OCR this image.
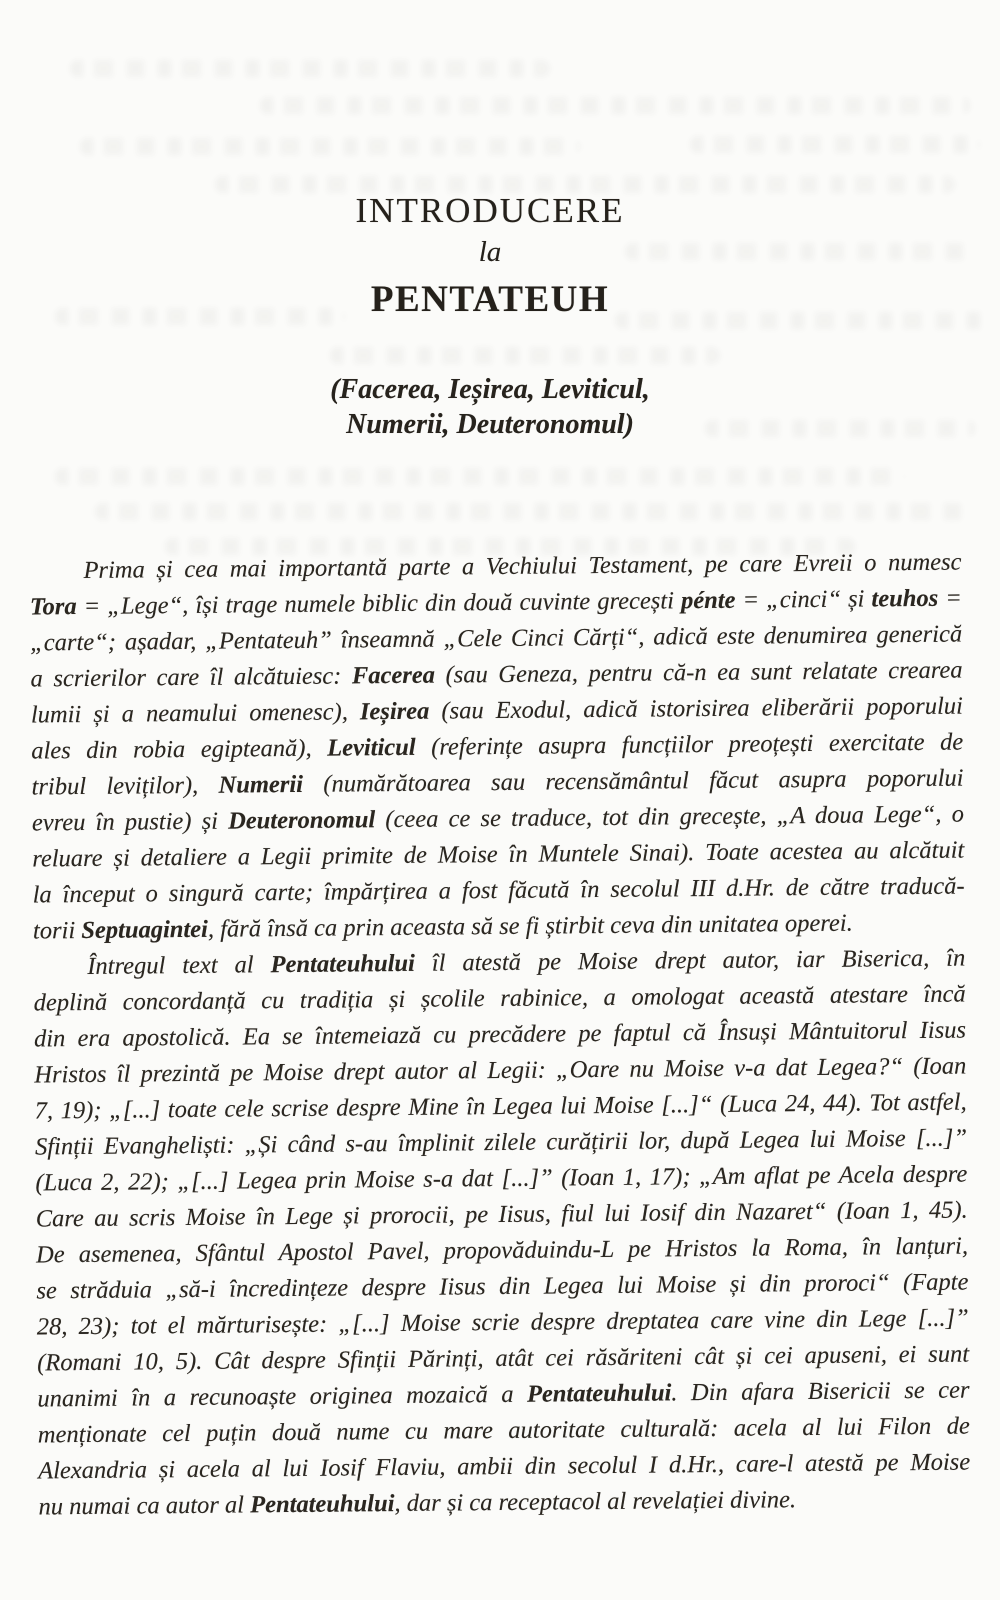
INTRODUCERE
la
PENTATEUH
(Facerea, Ieșirea, Leviticul,
Numerii, Deuteronomul)
Prima și cea mai importantă parte a Vechiului Testament, pe care Evreii o numesc
Tora = „Lege“, își trage numele biblic din două cuvinte grecești pénte = „cinci“ și teuhos =
„carte“; așadar, „Pentateuh” înseamnă „Cele Cinci Cărți“, adică este denumirea generică
a scrierilor care îl alcătuiesc: Facerea (sau Geneza, pentru că-n ea sunt relatate crearea
lumii și a neamului omenesc), Ieșirea (sau Exodul, adică istorisirea eliberării poporului
ales din robia egipteană), Leviticul (referințe asupra funcțiilor preoțești exercitate de
tribul leviților), Numerii (numărătoarea sau recensământul făcut asupra poporului
evreu în pustie) și Deuteronomul (ceea ce se traduce, tot din grecește, „A doua Lege“, o
reluare și detaliere a Legii primite de Moise în Muntele Sinai). Toate acestea au alcătuit
la început o singură carte; împărțirea a fost făcută în secolul III d.Hr. de către traducă-
torii Septuagintei, fără însă ca prin aceasta să se fi știrbit ceva din unitatea operei.
Întregul text al Pentateuhului îl atestă pe Moise drept autor, iar Biserica, în
deplină concordanță cu tradiția și școlile rabinice, a omologat această atestare încă
din era apostolică. Ea se întemeiază cu precădere pe faptul că Însuși Mântuitorul Iisus
Hristos îl prezintă pe Moise drept autor al Legii: „Oare nu Moise v-a dat Legea?“ (Ioan
7, 19); „[...] toate cele scrise despre Mine în Legea lui Moise [...]“ (Luca 24, 44). Tot astfel,
Sfinții Evangheliști: „Și când s-au împlinit zilele curățirii lor, după Legea lui Moise [...]”
(Luca 2, 22); „[...] Legea prin Moise s-a dat [...]” (Ioan 1, 17); „Am aflat pe Acela despre
Care au scris Moise în Lege și prorocii, pe Iisus, fiul lui Iosif din Nazaret“ (Ioan 1, 45).
De asemenea, Sfântul Apostol Pavel, propovăduindu-L pe Hristos la Roma, în lanțuri,
se străduia „să-i încredințeze despre Iisus din Legea lui Moise și din proroci“ (Fapte
28, 23); tot el mărturisește: „[...] Moise scrie despre dreptatea care vine din Lege [...]”
(Romani 10, 5). Cât despre Sfinții Părinți, atât cei răsăriteni cât și cei apuseni, ei sunt
unanimi în a recunoaște originea mozaică a Pentateuhului. Din afara Bisericii se cer
menționate cel puțin două nume cu mare autoritate culturală: acela al lui Filon de
Alexandria și acela al lui Iosif Flaviu, ambii din secolul I d.Hr., care-l atestă pe Moise
nu numai ca autor al Pentateuhului, dar și ca receptacol al revelației divine.
